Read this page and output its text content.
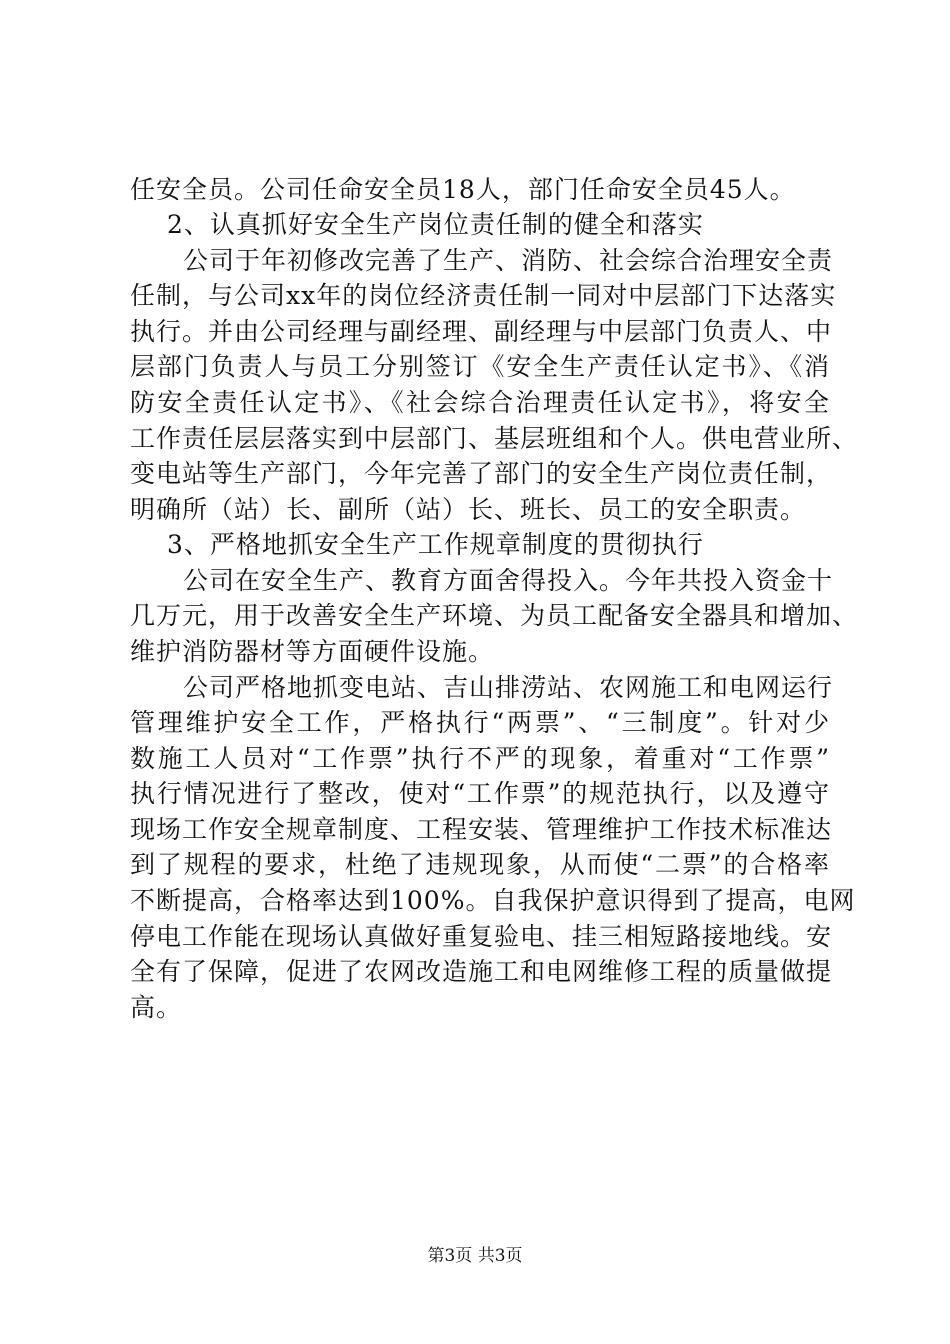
任安全员。公司任命安全员18人，部门任命安全员45人。
2、认真抓好安全生产岗位责任制的健全和落实
公司于年初修改完善了生产、消防、社会综合治理安全责
任制，与公司xx年的岗位经济责任制一同对中层部门下达落实
执行。并由公司经理与副经理、副经理与中层部门负责人、中
层部门负责人与员工分别签订《安全生产责任认定书》、《消
防安全责任认定书》、《社会综合治理责任认定书》，将安全
工作责任层层落实到中层部门、基层班组和个人。供电营业所、
变电站等生产部门，今年完善了部门的安全生产岗位责任制，
明确所（站）长、副所（站）长、班长、员工的安全职责。
3、严格地抓安全生产工作规章制度的贯彻执行
公司在安全生产、教育方面舍得投入。今年共投入资金十
几万元，用于改善安全生产环境、为员工配备安全器具和增加、
维护消防器材等方面硬件设施。
公司严格地抓变电站、吉山排涝站、农网施工和电网运行
管理维护安全工作，严格执行“两票”、“三制度”。针对少
数施工人员对“工作票”执行不严的现象，着重对“工作票”
执行情况进行了整改，使对“工作票”的规范执行，以及遵守
现场工作安全规章制度、工程安装、管理维护工作技术标准达
到了规程的要求，杜绝了违规现象，从而使“二票”的合格率
不断提高，合格率达到100%。自我保护意识得到了提高，电网
停电工作能在现场认真做好重复验电、挂三相短路接地线。安
全有了保障，促进了农网改造施工和电网维修工程的质量做提
高。
第3页 共3页
